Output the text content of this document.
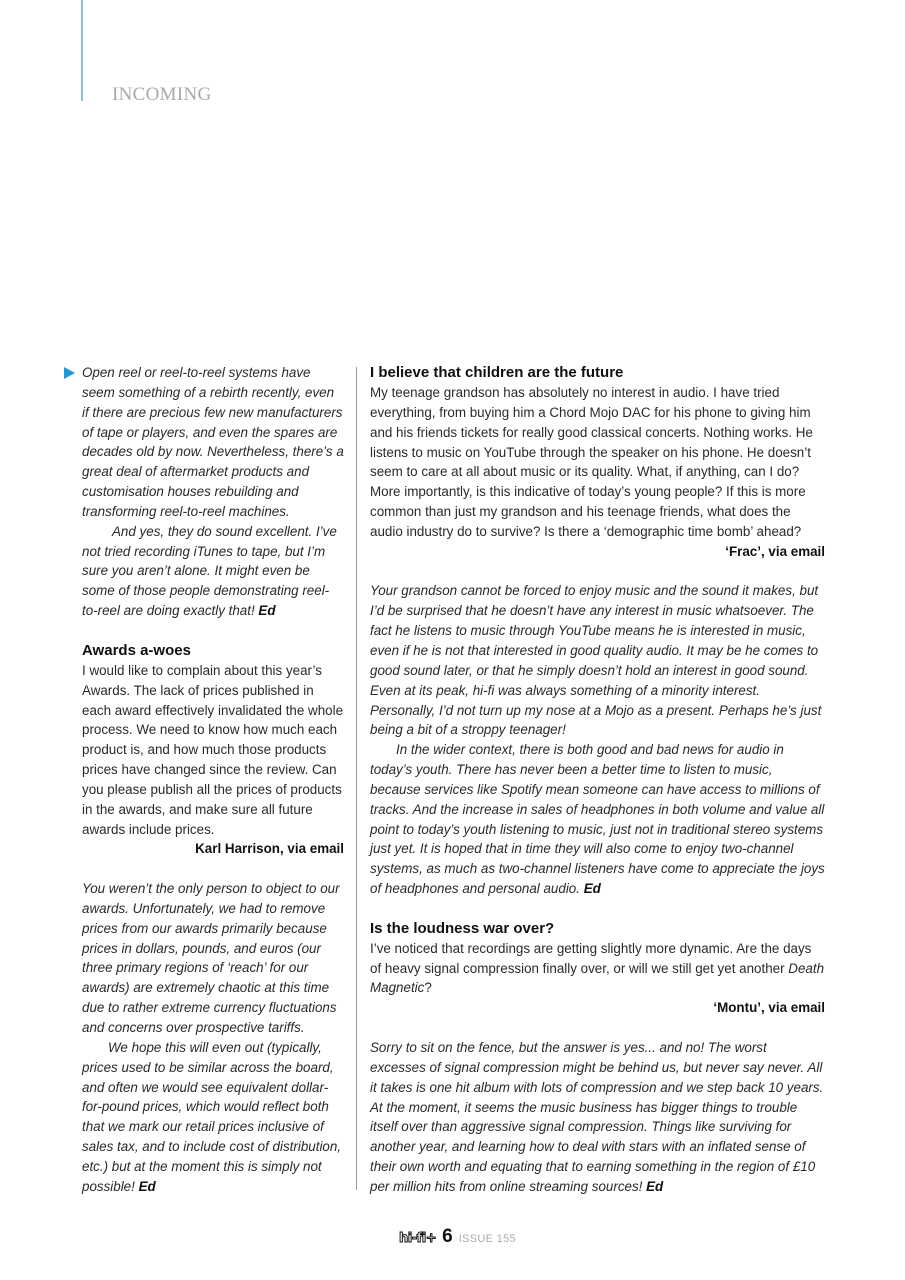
INCOMING

Open reel or reel-to-reel systems have seem something of a rebirth recently, even if there are precious few new manufacturers of tape or players, and even the spares are decades old by now. Nevertheless, there’s a great deal of aftermarket products and customisation houses rebuilding and transforming reel-to-reel machines.

And yes, they do sound excellent. I’ve not tried recording iTunes to tape, but I’m sure you aren’t alone. It might even be some of those people demonstrating reel-to-reel are doing exactly that! Ed

Awards a-woes

I would like to complain about this year’s Awards. The lack of prices published in each award effectively invalidated the whole process. We need to know how much each product is, and how much those products prices have changed since the review. Can you please publish all the prices of products in the awards, and make sure all future awards include prices.

Karl Harrison, via email

You weren’t the only person to object to our awards. Unfortunately, we had to remove prices from our awards primarily because prices in dollars, pounds, and euros (our three primary regions of ‘reach’ for our awards) are extremely chaotic at this time due to rather extreme currency fluctuations and concerns over prospective tariffs.

We hope this will even out (typically, prices used to be similar across the board, and often we would see equivalent dollar-for-pound prices, which would reflect both that we mark our retail prices inclusive of sales tax, and to include cost of distribution, etc.) but at the moment this is simply not possible! Ed

I believe that children are the future

My teenage grandson has absolutely no interest in audio. I have tried everything, from buying him a Chord Mojo DAC for his phone to giving him and his friends tickets for really good classical concerts. Nothing works. He listens to music on YouTube through the speaker on his phone. He doesn’t seem to care at all about music or its quality. What, if anything, can I do? More importantly, is this indicative of today’s young people? If this is more common than just my grandson and his teenage friends, what does the audio industry do to survive? Is there a ‘demographic time bomb’ ahead?

‘Frac’, via email

Your grandson cannot be forced to enjoy music and the sound it makes, but I’d be surprised that he doesn’t have any interest in music whatsoever. The fact he listens to music through YouTube means he is interested in music, even if he is not that interested in good quality audio. It may be he comes to good sound later, or that he simply doesn’t hold an interest in good sound. Even at its peak, hi-fi was always something of a minority interest. Personally, I’d not turn up my nose at a Mojo as a present. Perhaps he’s just being a bit of a stroppy teenager!

In the wider context, there is both good and bad news for audio in today’s youth. There has never been a better time to listen to music, because services like Spotify mean someone can have access to millions of tracks. And the increase in sales of headphones in both volume and value all point to today’s youth listening to music, just not in traditional stereo systems just yet. It is hoped that in time they will also come to enjoy two-channel systems, as much as two-channel listeners have come to appreciate the joys of headphones and personal audio. Ed

Is the loudness war over?

I’ve noticed that recordings are getting slightly more dynamic. Are the days of heavy signal compression finally over, or will we still get yet another Death Magnetic?

‘Montu’, via email

Sorry to sit on the fence, but the answer is yes... and no! The worst excesses of signal compression might be behind us, but never say never. All it takes is one hit album with lots of compression and we step back 10 years. At the moment, it seems the music business has bigger things to trouble itself over than aggressive signal compression. Things like surviving for another year, and learning how to deal with stars with an inflated sense of their own worth and equating that to earning something in the region of £10 per million hits from online streaming sources! Ed

hi-fi+ 6 ISSUE 155
